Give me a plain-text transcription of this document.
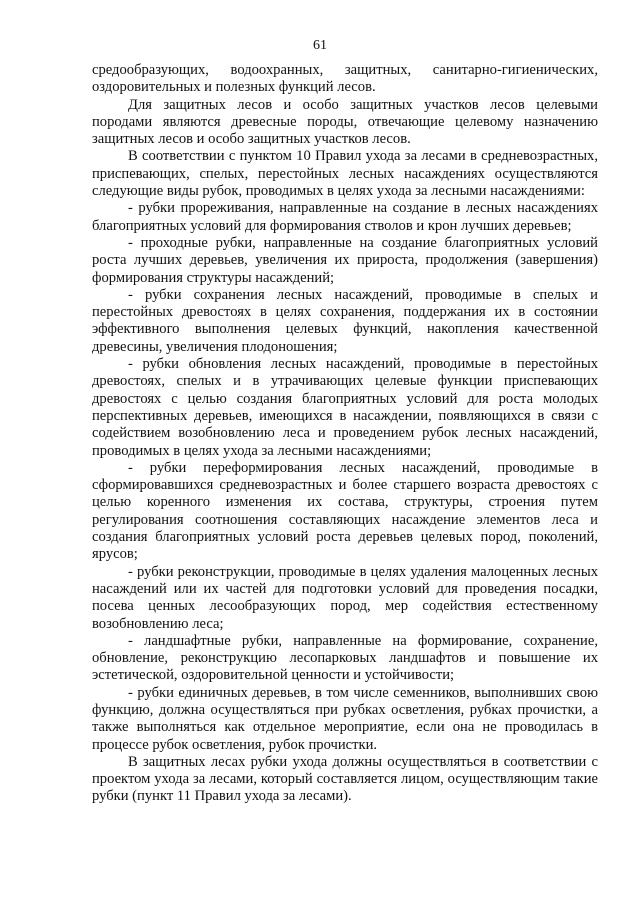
61

средообразующих, водоохранных, защитных, санитарно-гигиенических, оздоровительных и полезных функций лесов.

Для защитных лесов и особо защитных участков лесов целевыми породами являются древесные породы, отвечающие целевому назначению защитных лесов и особо защитных участков лесов.

В соответствии с пунктом 10 Правил ухода за лесами в средневозрастных, приспевающих, спелых, перестойных лесных насаждениях осуществляются следующие виды рубок, проводимых в целях ухода за лесными насаждениями:

- рубки прореживания, направленные на создание в лесных насаждениях благоприятных условий для формирования стволов и крон лучших деревьев;

- проходные рубки, направленные на создание благоприятных условий роста лучших деревьев, увеличения их прироста, продолжения (завершения) формирования структуры насаждений;

- рубки сохранения лесных насаждений, проводимые в спелых и перестойных древостоях в целях сохранения, поддержания их в состоянии эффективного выполнения целевых функций, накопления качественной древесины, увеличения плодоношения;

- рубки обновления лесных насаждений, проводимые в перестойных древостоях, спелых и в утрачивающих целевые функции приспевающих древостоях с целью создания благоприятных условий для роста молодых перспективных деревьев, имеющихся в насаждении, появляющихся в связи с содействием возобновлению леса и проведением рубок лесных насаждений, проводимых в целях ухода за лесными насаждениями;

- рубки переформирования лесных насаждений, проводимые в сформировавшихся средневозрастных и более старшего возраста древостоях с целью коренного изменения их состава, структуры, строения путем регулирования соотношения составляющих насаждение элементов леса и создания благоприятных условий роста деревьев целевых пород, поколений, ярусов;

- рубки реконструкции, проводимые в целях удаления малоценных лесных насаждений или их частей для подготовки условий для проведения посадки, посева ценных лесообразующих пород, мер содействия естественному возобновлению леса;

- ландшафтные рубки, направленные на формирование, сохранение, обновление, реконструкцию лесопарковых ландшафтов и повышение их эстетической, оздоровительной ценности и устойчивости;

- рубки единичных деревьев, в том числе семенников, выполнивших свою функцию, должна осуществляться при рубках осветления, рубках прочистки, а также выполняться как отдельное мероприятие, если она не проводилась в процессе рубок осветления, рубок прочистки.

В защитных лесах рубки ухода должны осуществляться в соответствии с проектом ухода за лесами, который составляется лицом, осуществляющим такие рубки (пункт 11 Правил ухода за лесами).
